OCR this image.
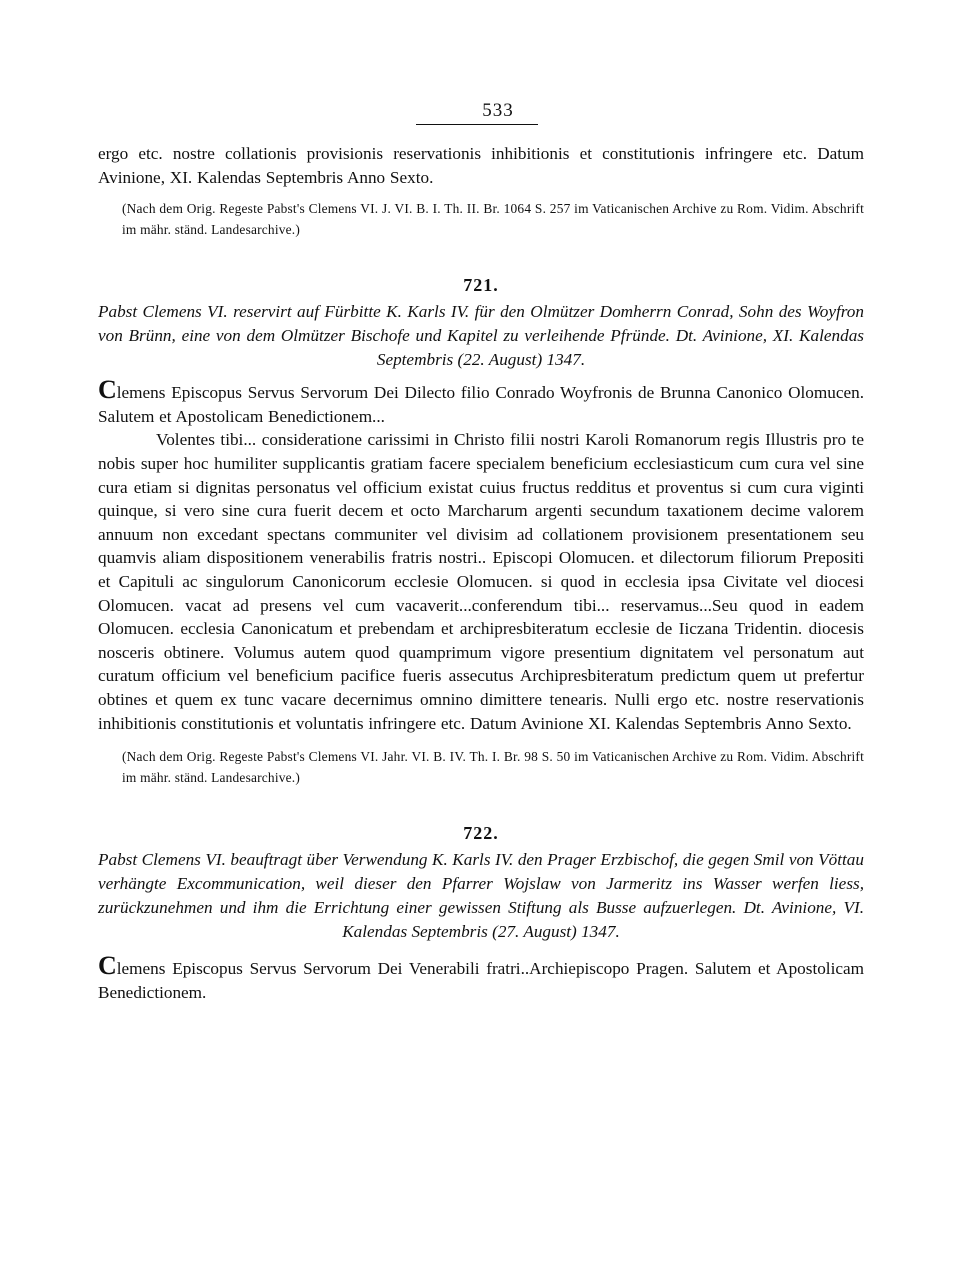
533

ergo etc. nostre collationis provisionis reservationis inhibitionis et constitutionis infringere etc. Datum Avinione, XI. Kalendas Septembris Anno Sexto.

(Nach dem Orig. Regeste Pabst's Clemens VI. J. VI. B. I. Th. II. Br. 1064 S. 257 im Vaticanischen Archive zu Rom. Vidim. Abschrift im mähr. ständ. Landesarchive.)

721.

Pabst Clemens VI. reservirt auf Fürbitte K. Karls IV. für den Olmützer Domherrn Conrad, Sohn des Woyfron von Brünn, eine von dem Olmützer Bischofe und Kapitel zu verleihende Pfründe. Dt. Avinione, XI. Kalendas Septembris (22. August) 1347.

Clemens Episcopus Servus Servorum Dei Dilecto filio Conrado Woyfronis de Brunna Canonico Olomucen. Salutem et Apostolicam Benedictionem...

Volentes tibi... consideratione carissimi in Christo filii nostri Karoli Romanorum regis Illustris pro te nobis super hoc humiliter supplicantis gratiam facere specialem beneficium ecclesiasticum cum cura vel sine cura etiam si dignitas personatus vel officium existat cuius fructus redditus et proventus si cum cura viginti quinque, si vero sine cura fuerit decem et octo Marcharum argenti secundum taxationem decime valorem annuum non excedant spectans communiter vel divisim ad collationem provisionem presentationem seu quamvis aliam dispositionem venerabilis fratris nostri.. Episcopi Olomucen. et dilectorum filiorum Prepositi et Capituli ac singulorum Canonicorum ecclesie Olomucen. si quod in ecclesia ipsa Civitate vel diocesi Olomucen. vacat ad presens vel cum vacaverit...conferendum tibi... reservamus...Seu quod in eadem Olomucen. ecclesia Canonicatum et prebendam et archipresbiteratum ecclesie de Iiczana Tridentin. diocesis nosceris obtinere. Volumus autem quod quamprimum vigore presentium dignitatem vel personatum aut curatum officium vel beneficium pacifice fueris assecutus Archipresbiteratum predictum quem ut prefertur obtines et quem ex tunc vacare decernimus omnino dimittere tenearis. Nulli ergo etc. nostre reservationis inhibitionis constitutionis et voluntatis infringere etc. Datum Avinione XI. Kalendas Septembris Anno Sexto.

(Nach dem Orig. Regeste Pabst's Clemens VI. Jahr. VI. B. IV. Th. I. Br. 98 S. 50 im Vaticanischen Archive zu Rom. Vidim. Abschrift im mähr. ständ. Landesarchive.)

722.

Pabst Clemens VI. beauftragt über Verwendung K. Karls IV. den Prager Erzbischof, die gegen Smil von Vöttau verhängte Excommunication, weil dieser den Pfarrer Wojslaw von Jarmeritz ins Wasser werfen liess, zurückzunehmen und ihm die Errichtung einer gewissen Stiftung als Busse aufzuerlegen. Dt. Avinione, VI. Kalendas Septembris (27. August) 1347.

Clemens Episcopus Servus Servorum Dei Venerabili fratri..Archiepiscopo Pragen. Salutem et Apostolicam Benedictionem.
